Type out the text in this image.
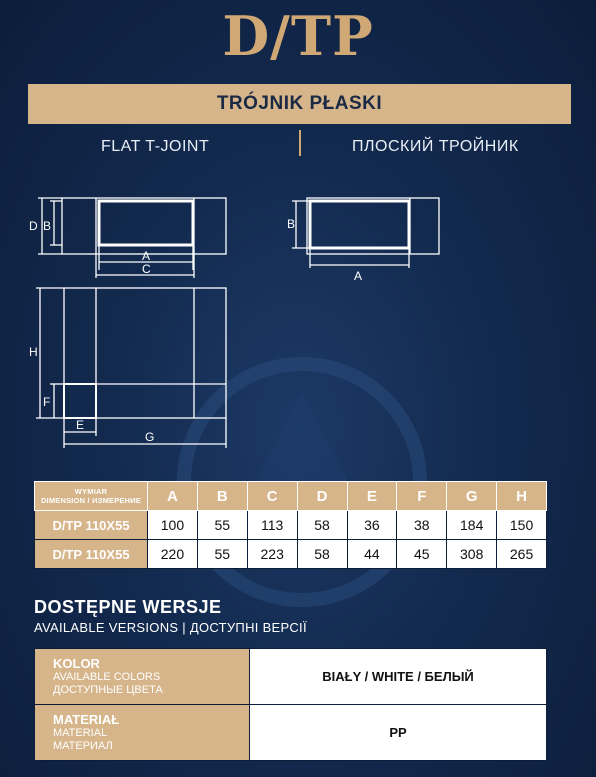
D/TP
TRÓJNIK PŁASKI
FLAT T-JOINT	ПЛОСКИЙ ТРОЙНИК
D B
A
C
B
A
H
F
E
G
WYMIAR
DIMENSION / ИЗМЕРЕНИЕ	A	B	C	D	E	F	G	H
D/TP 110X55	100	55	113	58	36	38	184	150
D/TP 110X55	220	55	223	58	44	45	308	265
DOSTĘPNE WERSJE
AVAILABLE VERSIONS | ДОСТУПНІ ВЕРСІЇ
KOLOR
AVAILABLE COLORS
ДОСТУПНЫЕ ЦВЕТА	BIAŁY / WHITE / БЕЛЫЙ

MATERIAŁ
MATERIAL
МАТЕРИАЛ	PP
